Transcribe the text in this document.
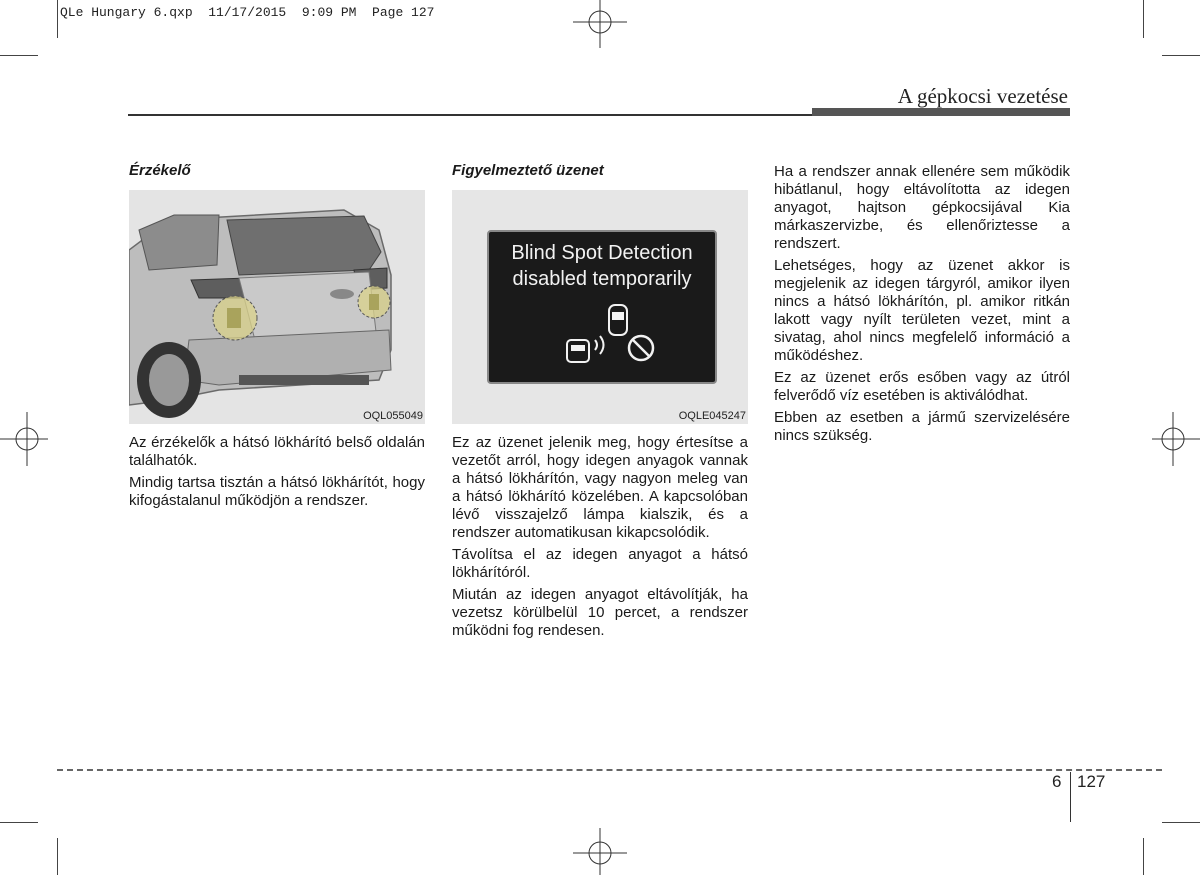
QLe Hungary 6.qxp  11/17/2015  9:09 PM  Page 127
A gépkocsi vezetése
Érzékelő
OQL055049

Az érzékelők a hátsó lökhárító belső oldalán találhatók.

Mindig tartsa tisztán a hátsó lökhárítót, hogy kifogástalanul működjön a rendszer.

Figyelmeztető üzenet
Blind Spot Detection
disabled temporarily
OQLE045247

Ez az üzenet jelenik meg, hogy értesítse a vezetőt arról, hogy idegen anyagok vannak a hátsó lökhárítón, vagy nagyon meleg van a hátsó lökhárító közelében. A kapcsolóban lévő visszajelző lámpa kialszik, és a rendszer automatikusan kikapcsolódik.

Távolítsa el az idegen anyagot a hátsó lökhárítóról.

Miután az idegen anyagot eltávolítják, ha vezetsz körülbelül 10 percet, a rendszer működni fog rendesen.

Ha a rendszer annak ellenére sem működik hibátlanul, hogy eltávolította az idegen anyagot, hajtson gépkocsijával Kia márkaszervizbe, és ellenőriztesse a rendszert.

Lehetséges, hogy az üzenet akkor is megjelenik az idegen tárgyról, amikor ilyen nincs a hátsó lökhárítón, pl. amikor ritkán lakott vagy nyílt területen vezet, mint a sivatag, ahol nincs megfelelő információ a működéshez.

Ez az üzenet erős esőben vagy az útról felverődő víz esetében is aktiválódhat.

Ebben az esetben a jármű szervizelésére nincs szükség.

6 127
